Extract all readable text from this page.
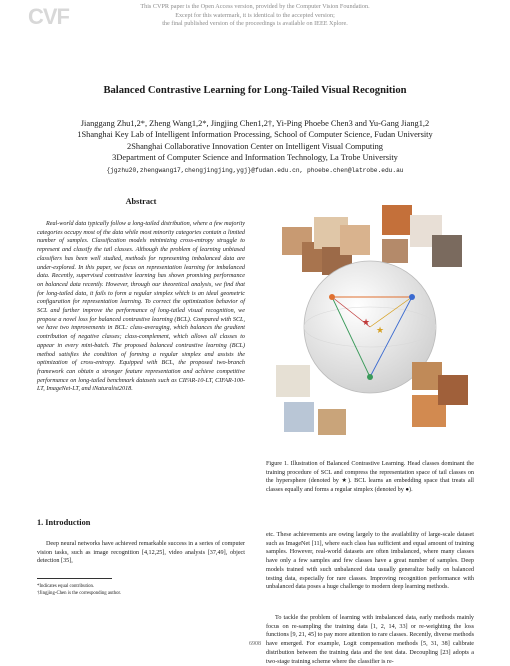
CVF	This CVPR paper is the Open Access version, provided by the Computer Vision Foundation.
Except for this watermark, it is identical to the accepted version;
the final published version of the proceedings is available on IEEE Xplore.
Balanced Contrastive Learning for Long-Tailed Visual Recognition
Jianggang Zhu1,2*, Zheng Wang1,2*, Jingjing Chen1,2†, Yi-Ping Phoebe Chen3 and Yu-Gang Jiang1,2
1Shanghai Key Lab of Intelligent Information Processing, School of Computer Science, Fudan University
2Shanghai Collaborative Innovation Center on Intelligent Visual Computing
3Department of Computer Science and Information Technology, La Trobe University
{jgzhu20,zhengwang17,chengjingjing,ygj}@fudan.edu.cn, phoebe.chen@latrobe.edu.au
Abstract
Real-world data typically follow a long-tailed distribution, where a few majority categories occupy most of the data while most minority categories contain a limited number of samples. Classification models minimizing cross-entropy struggle to represent and classify the tail classes. Although the problem of learning unbiased classifiers has been well studied, methods for representing imbalanced data are under-explored. In this paper, we focus on representation learning for imbalanced data. Recently, supervised contrastive learning has shown promising performance on balanced data recently. However, through our theoretical analysis, we find that for long-tailed data, it fails to form a regular simplex which is an ideal geometric configuration for representation learning. To correct the optimization behavior of SCL and further improve the performance of long-tailed visual recognition, we propose a novel loss for balanced contrastive learning (BCL). Compared with SCL, we have two improvements in BCL: class-averaging, which balances the gradient contribution of negative classes; class-complement, which allows all classes to appear in every mini-batch. The proposed balanced contrastive learning (BCL) method satisfies the condition of forming a regular simplex and assists the optimization of cross-entropy. Equipped with BCL, the proposed two-branch framework can obtain a stronger feature representation and achieve competitive performance on long-tailed benchmark datasets such as CIFAR-10-LT, CIFAR-100-LT, ImageNet-LT, and iNaturalist2018.
1. Introduction
Deep neural networks have achieved remarkable success in a series of computer vision tasks, such as image recognition [4,12,25], video analysis [37,49], object detection [35],
*Indicates equal contribution.
†Jingjing-Chen is the corresponding author.
★
★
Figure 1. Illustration of Balanced Contrastive Learning. Head classes dominant the training procedure of SCL and compress the representation space of tail classes on the hypersphere (denoted by ★). BCL learns an embedding space that treats all classes equally and forms a regular simplex (denoted by ●).
etc. These achievements are owing largely to the availability of large-scale dataset such as ImageNet [11], where each class has sufficient and equal amount of training samples. However, real-world datasets are often imbalanced, where many classes have only a few samples and few classes have a great number of samples. Deep models trained with such unbalanced data usually generalize badly on balanced testing data, especially for rare classes. Improving recognition performance with unbalanced data poses a huge challenge to modern deep learning methods.
To tackle the problem of learning with imbalanced data, early methods mainly focus on re-sampling the training data [1, 2, 14, 33] or re-weighting the loss functions [9, 21, 45] to pay more attention to rare classes. Recently, diverse methods have emerged. For example, Logit compensation methods [5, 31, 38] calibrate distribution between the training data and the test data. Decoupling [23] adopts a two-stage training scheme where the classifier is re-
6908
